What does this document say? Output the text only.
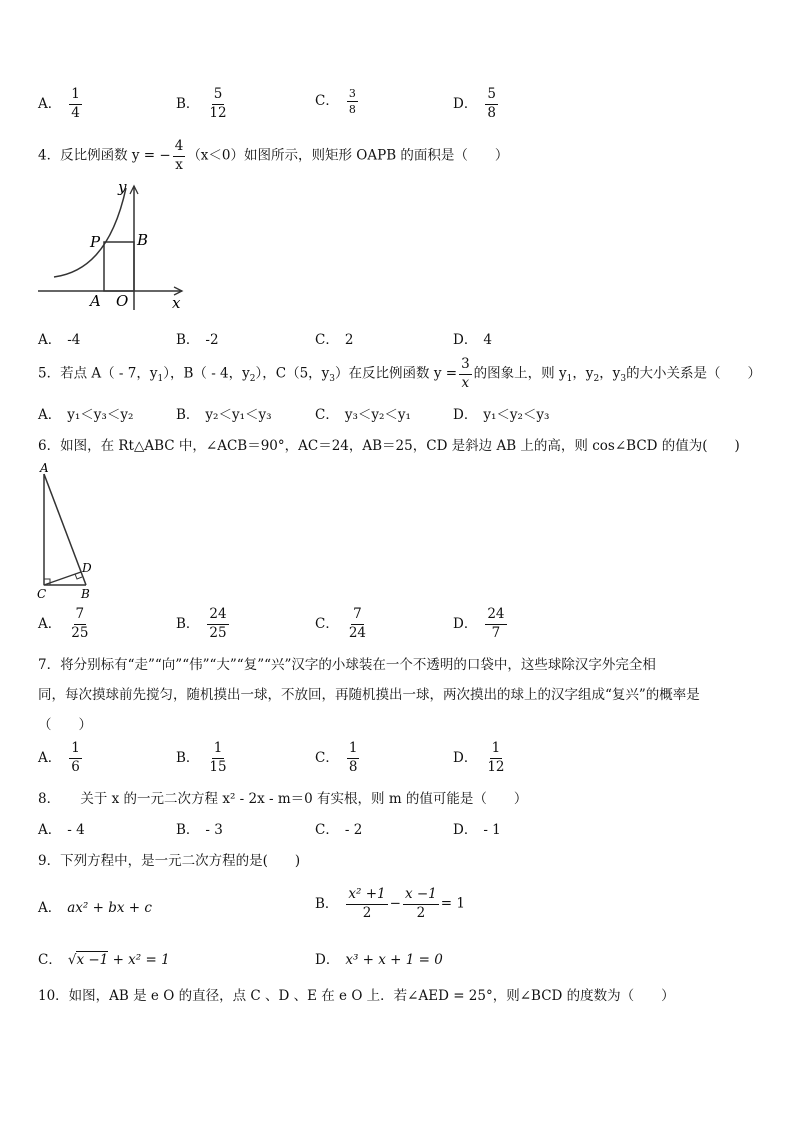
A． $\frac{1}{4}$	B． $\frac{5}{12}$	C． $\frac{3}{8}$	D． $\frac{5}{8}$
4．反比例函数 y = − $\frac{4}{x} (x<0)$如图所示，则矩形 OAPB 的面积是（　　）
y
x
P B
A O
A． -4	B． -2	C． 2	D． 4
5．若点 A（ - 7，$y_1$），B（ - 4，$y_2$），C（5，$y_3$）在反比例函数 $y = \frac{3}{x}$ 的图象上，则 $y_1$，$y_2$，$y_3$的大小关系是（　　）
A． y₁＜y₃＜y₂	B． y₂＜y₁＜y₃	C． y₃＜y₂＜y₁	D． y₁＜y₂＜y₃
6．如图，在 Rt△ABC 中，∠ACB＝90°，AC＝24，AB＝25，CD 是斜边 AB 上的高，则 cos∠BCD 的值为(　　)
A
C	B
D
A． $\frac{7}{25}$	B． $\frac{24}{25}$	C． $\frac{7}{24}$	D． $\frac{24}{7}$
7．将分别标有“走”“向”“伟”“大”“复”“兴”汉字的小球装在一个不透明的口袋中，这些球除汉字外完全相
同，每次摸球前先搅匀，随机摸出一球，不放回，再随机摸出一球，两次摸出的球上的汉字组成“复兴”的概率是
（　　）
A． $\frac{1}{6}$	B． $\frac{1}{15}$	C． $\frac{1}{8}$	D． $\frac{1}{12}$
8．　　关于 x 的一元二次方程 x² - 2x - m＝0 有实根，则 m 的值可能是（　　）
A． - 4	B． - 3	C． - 2	D． - 1
9．下列方程中，是一元二次方程的是(　　)
A． ax² + bx + c	B． $\frac{\text{x² +1}}{2} - \frac{x -1}{2} = 1$
C． √x −1 + x² = 1	D． x³ + x + 1 = 0
10．如图，AB 是 e O 的直径，点 C 、D 、E 在 e O 上．若∠AED = 25°，则∠BCD 的度数为（　　）
